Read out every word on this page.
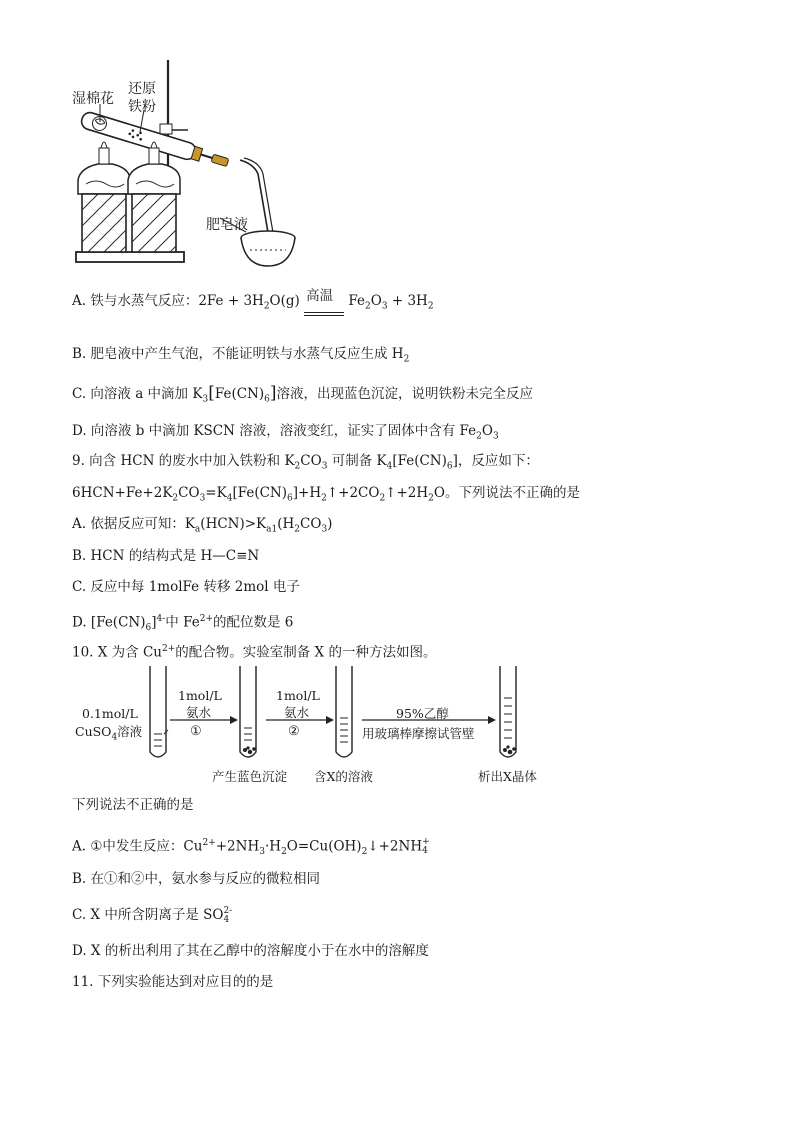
湿棉花
还原
铁粉
肥皂液
A. 铁与水蒸气反应：$2Fe + 3H_2O(g)$ 高温 $Fe_2O_3 + 3H_2$
B. 肥皂液中产生气泡，不能证明铁与水蒸气反应生成 $H_2$
C. 向溶液 a 中滴加 $K_3[Fe(CN)_6]$溶液，出现蓝色沉淀，说明铁粉未完全反应
D. 向溶液 b 中滴加 KSCN 溶液，溶液变红，证实了固体中含有 $Fe_2O_3$
9. 向含 HCN 的废水中加入铁粉和 $K_2CO_3$ 可制备 $K_4[Fe(CN)_6]$，反应如下：
$6HCN+Fe+2K_2CO_3=K_4[Fe(CN)_6]+H_2↑+2CO_2↑+2H_2O$。下列说法不正确的是
A. 依据反应可知：$K_a(HCN)>K_{a1}(H_2CO_3)$
B. HCN 的结构式是 H—C≡N
C. 反应中每 1molFe 转移 2mol 电子
D. $[Fe(CN)_6]^{4-}$中 $Fe^{2+}$的配位数是 6
10. X 为含 $Cu^{2+}$的配合物。实验室制备 X 的一种方法如图。
0.1mol/L
CuSO$_4$溶液
1mol/L
氨水
①
1mol/L
氨水
②
95%乙醇
用玻璃棒摩擦试管壁
产生蓝色沉淀 含X的溶液	析出X晶体
下列说法不正确的是
A. ①中发生反应：$Cu^{2+}+2NH_3\cdot H_2O=Cu(OH)_2↓+2NH$ +
4
B. 在①和②中，氨水参与反应的微粒相同
C. X 中所含阴离子是 SO 2-
4
D. X 的析出利用了其在乙醇中的溶解度小于在水中的溶解度
11. 下列实验能达到对应目的的是
